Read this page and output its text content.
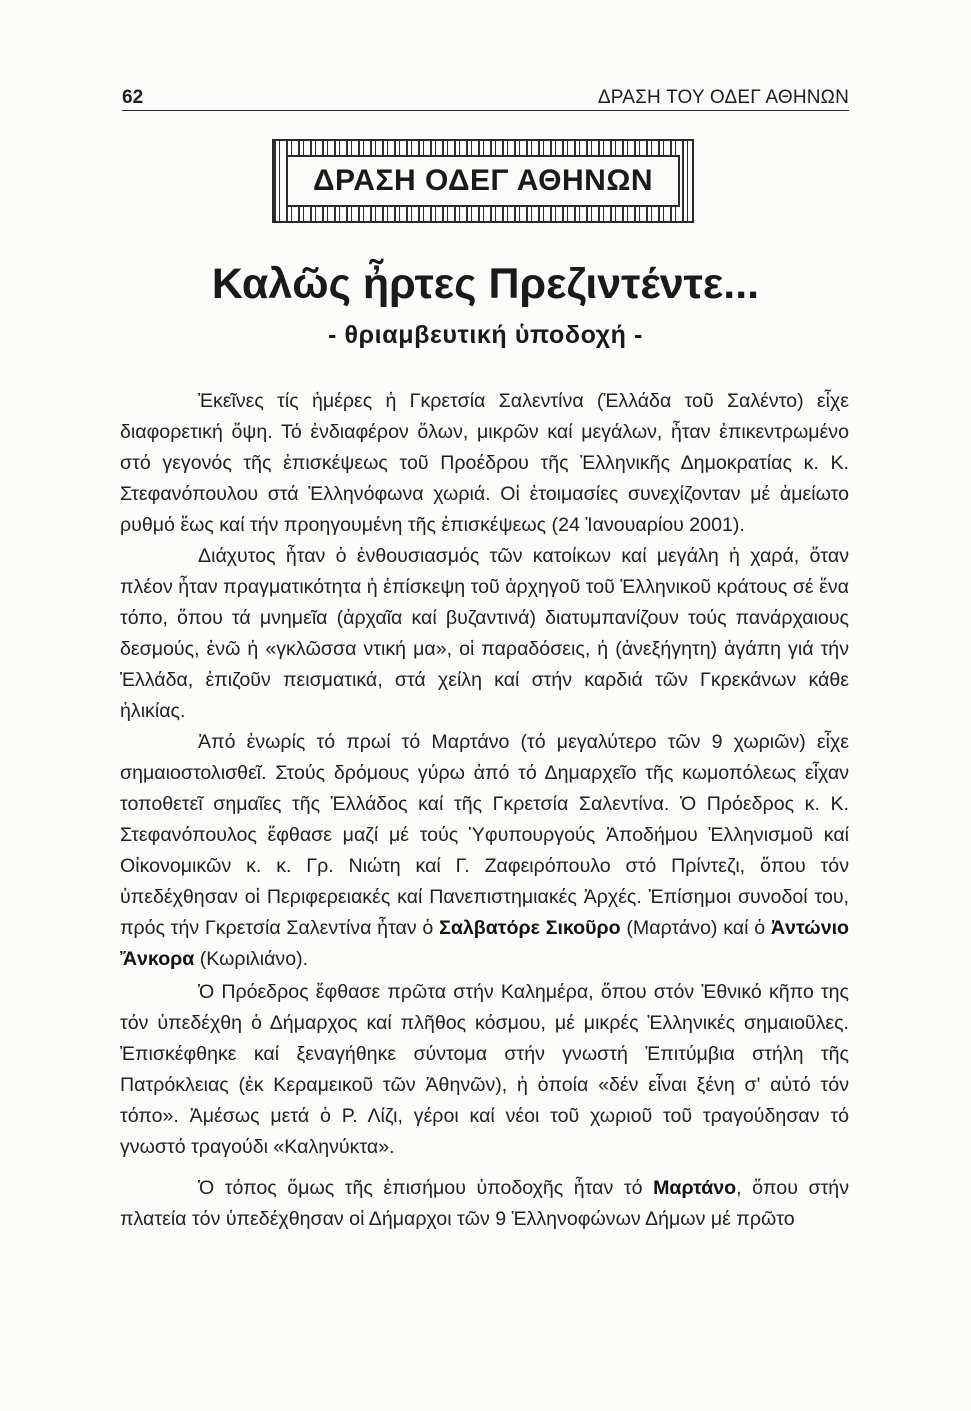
62	ΔΡΑΣΗ ΤΟΥ ΟΔΕΓ ΑΘΗΝΩΝ
ΔΡΑΣΗ ΟΔΕΓ ΑΘΗΝΩΝ
Καλῶς ἦρτες Πρεζιντέντε...
- θριαμβευτική ὑποδοχή -

Ἐκεῖνες τίς ἡμέρες ἡ Γκρετσία Σαλεντίνα (Ἑλλάδα τοῦ Σαλέντο) εἶχε διαφορετική ὄψη. Τό ἐνδιαφέρον ὅλων, μικρῶν καί μεγάλων, ἦταν ἐπικεντρωμένο στό γεγονός τῆς ἐπισκέψεως τοῦ Προέδρου τῆς Ἑλληνικῆς Δημοκρατίας κ. Κ. Στεφανόπουλου στά Ἑλληνόφωνα χωριά. Οἱ ἑτοιμασίες συνεχίζονταν μέ ἀμείωτο ρυθμό ἕως καί τήν προηγουμένη τῆς ἐπισκέψεως (24 Ἰανουαρίου 2001).

Διάχυτος ἦταν ὁ ἐνθουσιασμός τῶν κατοίκων καί μεγάλη ἡ χαρά, ὅταν πλέον ἦταν πραγματικότητα ἡ ἐπίσκεψη τοῦ ἀρχηγοῦ τοῦ Ἑλληνικοῦ κράτους σέ ἕνα τόπο, ὅπου τά μνημεῖα (ἀρχαῖα καί βυζαντινά) διατυμπανίζουν τούς πανάρχαιους δεσμούς, ἐνῶ ἡ «γκλῶσσα ντική μα», οἱ παραδόσεις, ἡ (ἀνεξήγητη) ἀγάπη γιά τήν Ἑλλάδα, ἐπιζοῦν πεισματικά, στά χείλη καί στήν καρδιά τῶν Γκρεκάνων κάθε ἡλικίας.

Ἀπό ἐνωρίς τό πρωί τό Μαρτάνο (τό μεγαλύτερο τῶν 9 χωριῶν) εἶχε σημαιοστολισθεῖ. Στούς δρόμους γύρω ἀπό τό Δημαρχεῖο τῆς κωμοπόλεως εἶχαν τοποθετεῖ σημαῖες τῆς Ἑλλάδος καί τῆς Γκρετσία Σαλεντίνα. Ὁ Πρόεδρος κ. Κ. Στεφανόπουλος ἔφθασε μαζί μέ τούς Ὑφυπουργούς Ἀποδήμου Ἑλληνισμοῦ καί Οἰκονομικῶν κ. κ. Γρ. Νιώτη καί Γ. Ζαφειρόπουλο στό Πρίντεζι, ὅπου τόν ὑπεδέχθησαν οἱ Περιφερειακές καί Πανεπιστημιακές Ἀρχές. Ἐπίσημοι συνοδοί του, πρός τήν Γκρετσία Σαλεντίνα ἦταν ὁ Σαλβατόρε Σικοῦρο (Μαρτάνο) καί ὁ Ἀντώνιο Ἄνκορα (Κωριλιάνο).

Ὁ Πρόεδρος ἔφθασε πρῶτα στήν Καλημέρα, ὅπου στόν Ἐθνικό κῆπο της τόν ὑπεδέχθη ὁ Δήμαρχος καί πλῆθος κόσμου, μέ μικρές Ἑλληνικές σημαιοῦλες. Ἐπισκέφθηκε καί ξεναγήθηκε σύντομα στήν γνωστή Ἐπιτύμβια στήλη τῆς Πατρόκλειας (ἐκ Κεραμεικοῦ τῶν Ἀθηνῶν), ἡ ὁποία «δέν εἶναι ξένη σ' αὐτό τόν τόπο». Ἀμέσως μετά ὁ Ρ. Λίζι, γέροι καί νέοι τοῦ χωριοῦ τοῦ τραγούδησαν τό γνωστό τραγούδι «Καληνύκτα».

Ὁ τόπος ὅμως τῆς ἐπισήμου ὑποδοχῆς ἦταν τό Μαρτάνο, ὅπου στήν πλατεία τόν ὑπεδέχθησαν οἱ Δήμαρχοι τῶν 9 Ἑλληνοφώνων Δήμων μέ πρῶτο
